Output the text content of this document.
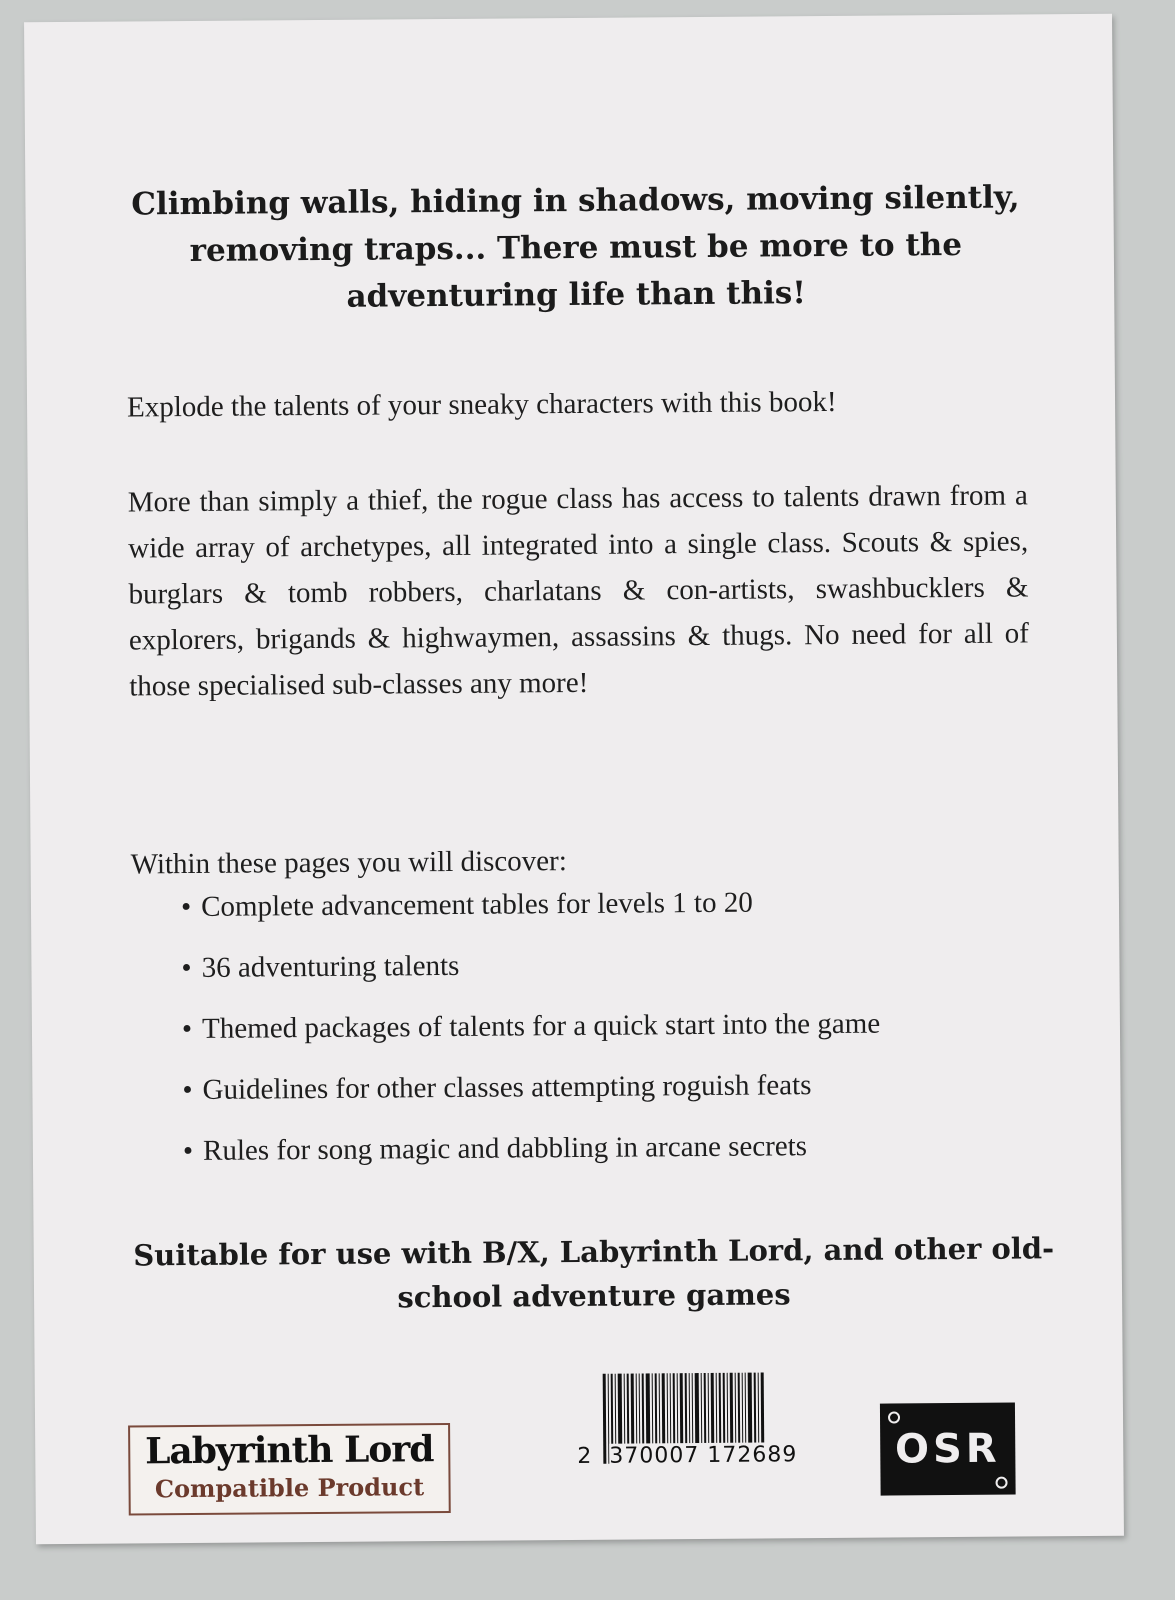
Climbing walls, hiding in shadows, moving silently, removing traps... There must be more to the adventuring life than this!
Explode the talents of your sneaky characters with this book!
More than simply a thief, the rogue class has access to talents drawn from a wide array of archetypes, all integrated into a single class. Scouts & spies, burglars & tomb robbers, charlatans & con-artists, swashbucklers & explorers, brigands & highwaymen, assassins & thugs. No need for all of those specialised sub-classes any more!
Within these pages you will discover:
• Complete advancement tables for levels 1 to 20
• 36 adventuring talents
• Themed packages of talents for a quick start into the game
• Guidelines for other classes attempting roguish feats
• Rules for song magic and dabbling in arcane secrets
Suitable for use with B/X, Labyrinth Lord, and other old-school adventure games
Labyrinth Lord
Compatible Product
2 370007 172689	OSR
